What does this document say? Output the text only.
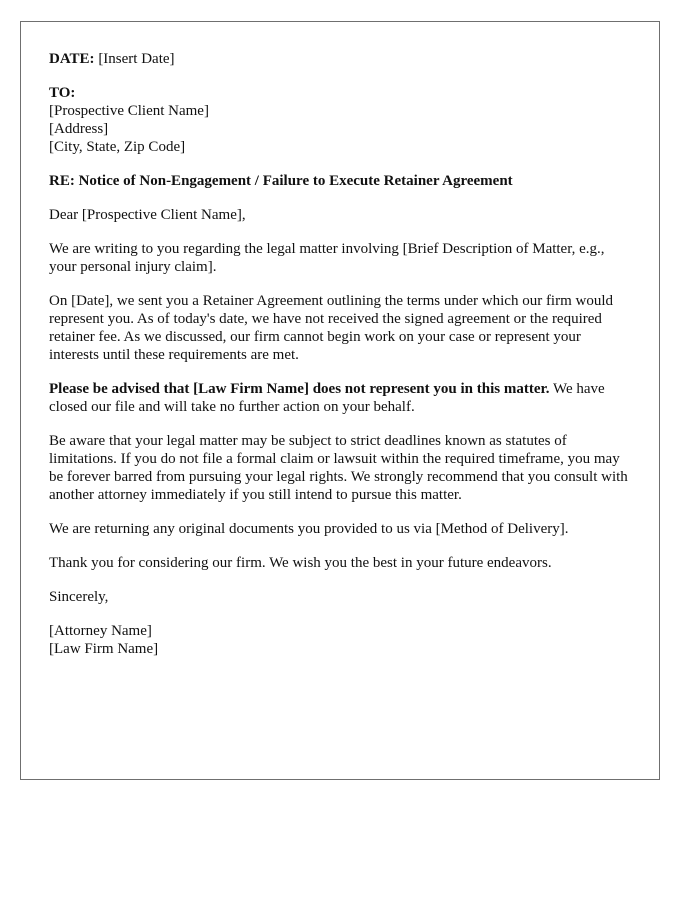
DATE: [Insert Date]

TO:
[Prospective Client Name]
[Address]
[City, State, Zip Code]

RE: Notice of Non-Engagement / Failure to Execute Retainer Agreement

Dear [Prospective Client Name],

We are writing to you regarding the legal matter involving [Brief Description of Matter, e.g., your personal injury claim].

On [Date], we sent you a Retainer Agreement outlining the terms under which our firm would represent you. As of today's date, we have not received the signed agreement or the required retainer fee. As we discussed, our firm cannot begin work on your case or represent your interests until these requirements are met.

Please be advised that [Law Firm Name] does not represent you in this matter. We have closed our file and will take no further action on your behalf.

Be aware that your legal matter may be subject to strict deadlines known as statutes of limitations. If you do not file a formal claim or lawsuit within the required timeframe, you may be forever barred from pursuing your legal rights. We strongly recommend that you consult with another attorney immediately if you still intend to pursue this matter.

We are returning any original documents you provided to us via [Method of Delivery].

Thank you for considering our firm. We wish you the best in your future endeavors.

Sincerely,

[Attorney Name]
[Law Firm Name]
